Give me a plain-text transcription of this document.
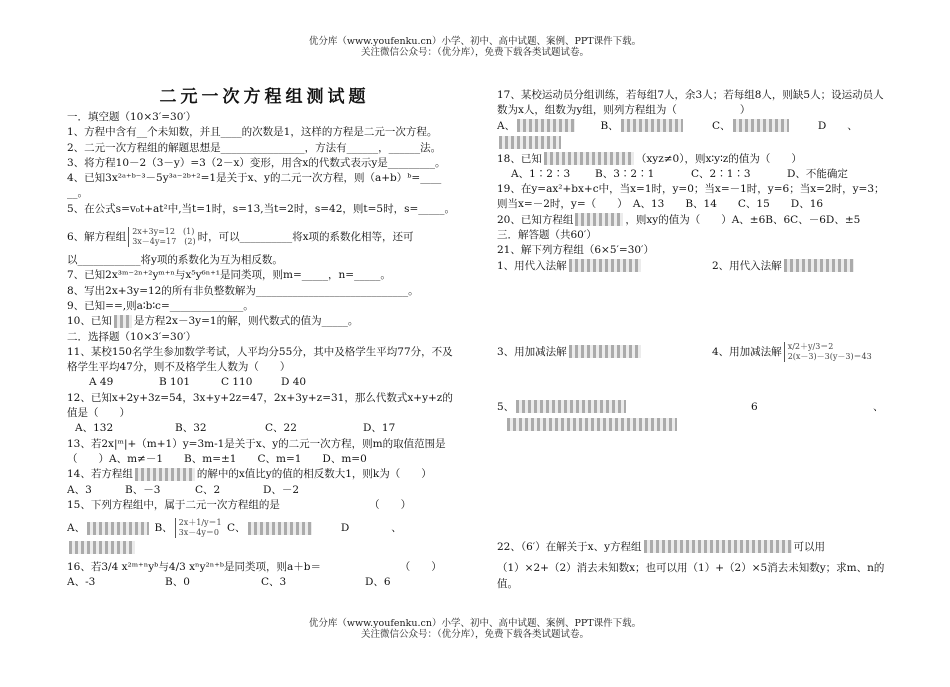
优分库（www.youfenku.cn）小学、初中、高中试题、案例、PPT课件下载。
关注微信公众号：（优分库），免费下载各类试题试卷。
二元一次方程组测试题
一．填空题（10×3′=30′）
1、方程中含有__个未知数，并且____的次数是1，这样的方程是二元一次方程。
2、二元一次方程组的解题思想是________________，方法有______，______法。
3、将方程10－2（3－y）=3（2－x）变形，用含x的代数式表示y是_________。
4、已知3x²ᵃ⁺ᵇ⁻³－5y³ᵃ⁻²ᵇ⁺²=1是关于x、y的二元一次方程，则（a+b）ᵇ=____
__。
5、在公式s=v₀t+at²中,当t=1时，s=13,当t=2时，s=42，则t=5时，s=_____。
6、解方程组 2x+3y=12　(1)
3x－4y=17　(2) 时，可以__________将x项的系数化相等，还可
以____________将y项的系数化为互为相反数。
7、已知2x³ᵐ⁻²ⁿ⁺²yᵐ⁺ⁿ与x⁵y⁶ⁿ⁺¹是同类项，则m=_____，n=_____。
8、写出2x+3y=12的所有非负整数解为_____________________________。
9、已知==,则a∶b∶c=______________。
10、已知 是方程2x－3y=1的解，则代数式的值为_____。
二．选择题（10×3′=30′）
11、某校150名学生参加数学考试，人平均分55分，其中及格学生平均77分，不及格学生平均47分，则不及格学生人数为（　　）
A 49	B 101	C 110	D 40
12、已知x+2y+3z=54，3x+y+2z=47，2x+3y+z=31，那么代数式x+y+z的值是（　　）
A、132	B、32	C、22	D、17
13、若2x|ᵐ|+（m+1）y=3m-1是关于x、y的二元一次方程，则m的取值范围是（　　）A、m≠－1　　B、m=±1　　C、m=1　　D、m=0
14、若方程组	的解中的x值比y的值的相反数大1，则k为（　　）
A、3	B、－3	C、2	D、－2
15、下列方程组中，属于二元一次方程组的是　　　　　　　　　（　　）
A、	B、 2x＋1/y＝1
3x－4y＝0 C、	D　　　　、
16、若3/4 x²ᵐ⁺ⁿyᵇ与4/3 xⁿy²ⁿ⁺ᵇ是同类项，则a＋b＝　　　　　　　　（　　）
A、-3	B、0	C、3	D、6
17、某校运动员分组训练，若每组7人，余3人；若每组8人，则缺5人；设运动员人数为x人，组数为y组，则列方程组为（　　　　　　）
A、	B、	C、	D　　、
18、已知	（xyz≠0），则x∶y∶z的值为（　　）
A、1∶2∶3 B、3∶2∶1	C、2∶1∶3	D、不能确定
19、在y=ax²+bx+c中，当x=1时，y=0；当x=－1时，y=6；当x=2时，y=3；则当x=－2时，y=（　　）　A、13　　B、14　　C、15　　D、16
20、已知方程组	，则xy的值为（　　）A、±6B、6C、－6D、±5
三．解答题（共60′）
21、解下列方程组（6×5′=30′）
1、用代入法解	2、用代入法解
3、用加减法解	4、用加减法解 x/2＋y/3＝2
2(x－3)－3(y－3)＝43
5、	6	、
22、（6′）在解关于x、y方程组	可以用
（1）×2+（2）消去未知数x；也可以用（1）+（2）×5消去未知数y；求m、n的值。
优分库（www.youfenku.cn）小学、初中、高中试题、案例、PPT课件下载。
关注微信公众号：（优分库），免费下载各类试题试卷。
